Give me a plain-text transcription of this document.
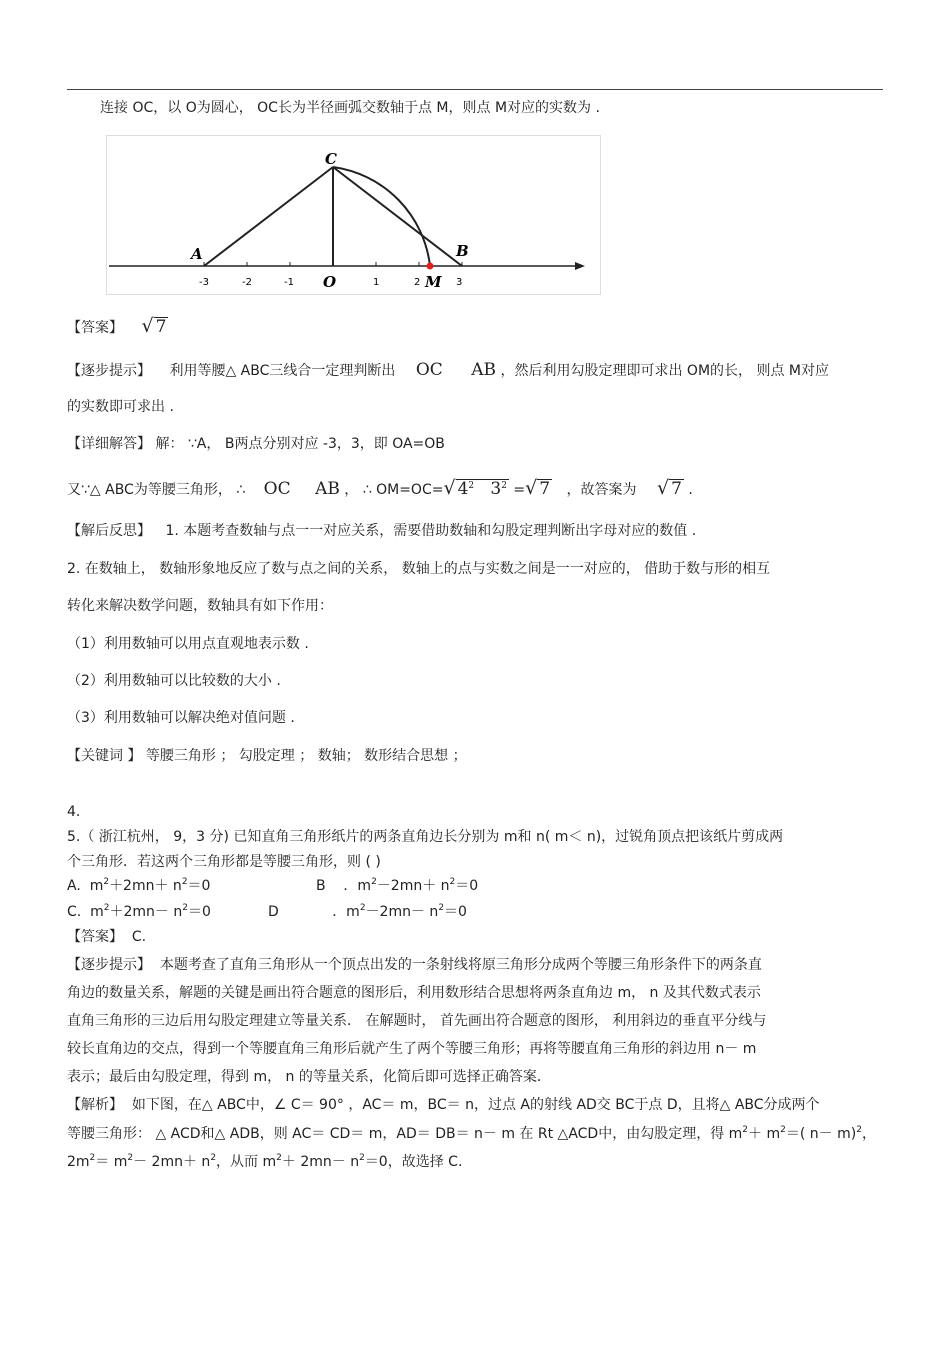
连接 OC，以 O为圆心， OC长为半径画弧交数轴于点 M，则点 M对应的实数为 .
A	B
C
O	M
-3	-2	-1	1	2	3
【答案】 √ 7
【逐步提示】 利用等腰△ ABC三线合一定理判断出 OC AB ，然后利用勾股定理即可求出 OM的长， 则点 M对应
的实数即可求出 .
【详细解答】 解： ∵A， B两点分别对应 -3，3，即 OA=OB
又∵△ ABC为等腰三角形， ∴ OC AB ， ∴ OM=OC= √ $4^2$ $3^2$ = √ 7 ，故答案为 √ 7 .
【解后反思】 1. 本题考查数轴与点一一对应关系，需要借助数轴和勾股定理判断出字母对应的数值 .
2. 在数轴上， 数轴形象地反应了数与点之间的关系， 数轴上的点与实数之间是一一对应的， 借助于数与形的相互
转化来解决数学问题，数轴具有如下作用：
（1）利用数轴可以用点直观地表示数 .
（2）利用数轴可以比较数的大小 .
（3）利用数轴可以解决绝对值问题 .
【关键词 】 等腰三角形 ； 勾股定理 ； 数轴； 数形结合思想 ；
4.
5.（ 浙江杭州， 9，3 分) 已知直角三角形纸片的两条直角边长分别为 m和 n( m＜ n)，过锐角顶点把该纸片剪成两
个三角形．若这两个三角形都是等腰三角形，则 ( )
A. $m^2+2mn+ n^2=0$	B ．$m^2-2mn+ n^2=0$
C. $m^2+2mn- n^2=0$	D	．$m^2-2mn- n^2=0$
【答案】 C.
【逐步提示】 本题考查了直角三角形从一个顶点出发的一条射线将原三角形分成两个等腰三角形条件下的两条直
角边的数量关系，解题的关键是画出符合题意的图形后，利用数形结合思想将两条直角边 m， n 及其代数式表示
直角三角形的三边后用勾股定理建立等量关系． 在解题时， 首先画出符合题意的图形， 利用斜边的垂直平分线与
较长直角边的交点，得到一个等腰直角三角形后就产生了两个等腰三角形；再将等腰直角三角形的斜边用 n－ m
表示；最后由勾股定理，得到 m， n 的等量关系，化简后即可选择正确答案．
【解析】 如下图，在△ ABC中，∠ C＝ 90° ，AC＝ m，BC＝ n，过点 A的射线 AD交 BC于点 D，且将△ ABC分成两个
等腰三角形： △ ACD和△ ADB，则 AC＝ CD＝ m，AD＝ DB＝ n－ m 在 Rt △ACD中，由勾股定理，得 $m^2+ m^2=$( n－ m)$^2$，
$2m^2= m^2- 2mn+ n^2$，从而 $m^2+ 2mn- n^2=0$，故选择 C.
